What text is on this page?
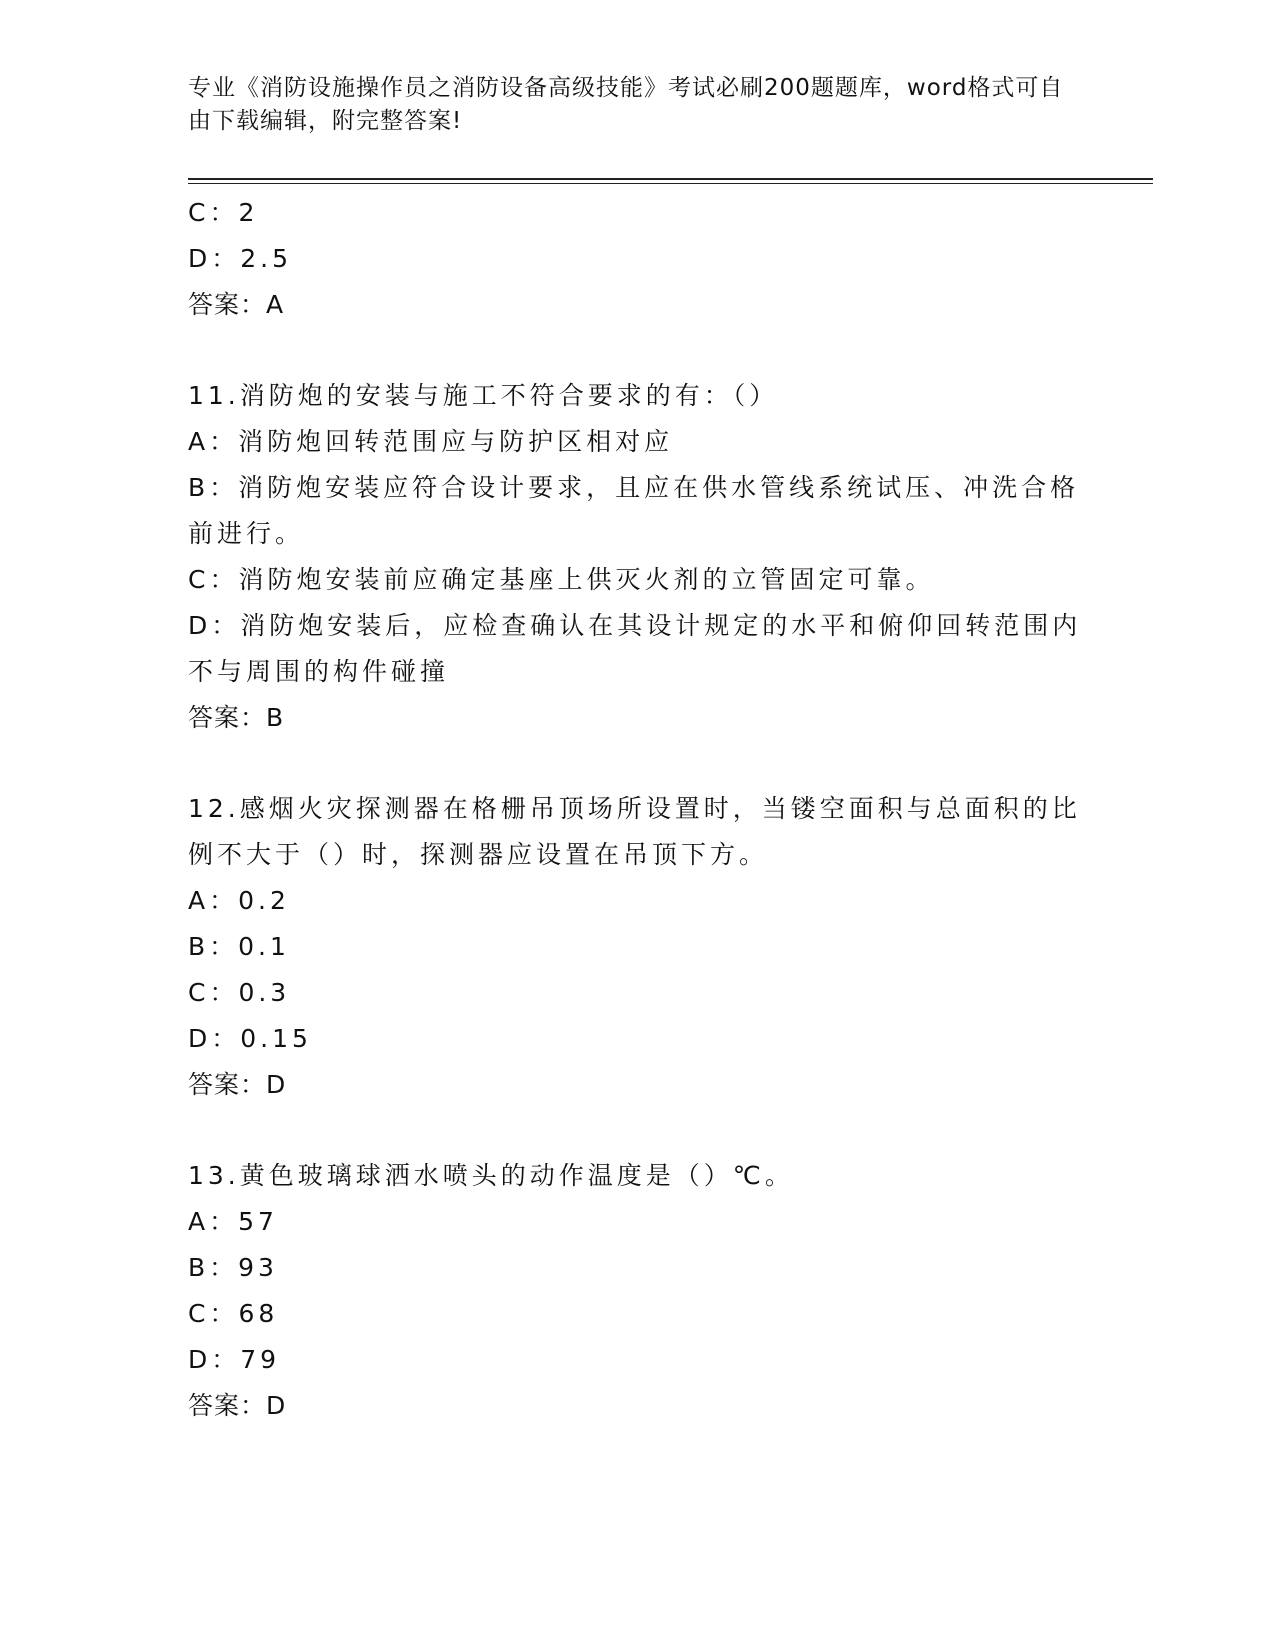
专业《消防设施操作员之消防设备高级技能》考试必刷200题题库，word格式可自由下载编辑，附完整答案!
C：2
D：2.5
答案：A
11.消防炮的安装与施工不符合要求的有：（）
A：消防炮回转范围应与防护区相对应
B：消防炮安装应符合设计要求，且应在供水管线系统试压、冲洗合格前进行。
C：消防炮安装前应确定基座上供灭火剂的立管固定可靠。
D：消防炮安装后，应检查确认在其设计规定的水平和俯仰回转范围内不与周围的构件碰撞
答案：B
12.感烟火灾探测器在格栅吊顶场所设置时，当镂空面积与总面积的比例不大于（）时，探测器应设置在吊顶下方。
A：0.2
B：0.1
C：0.3
D：0.15
答案：D
13.黄色玻璃球洒水喷头的动作温度是（）℃。
A：57
B：93
C：68
D：79
答案：D
